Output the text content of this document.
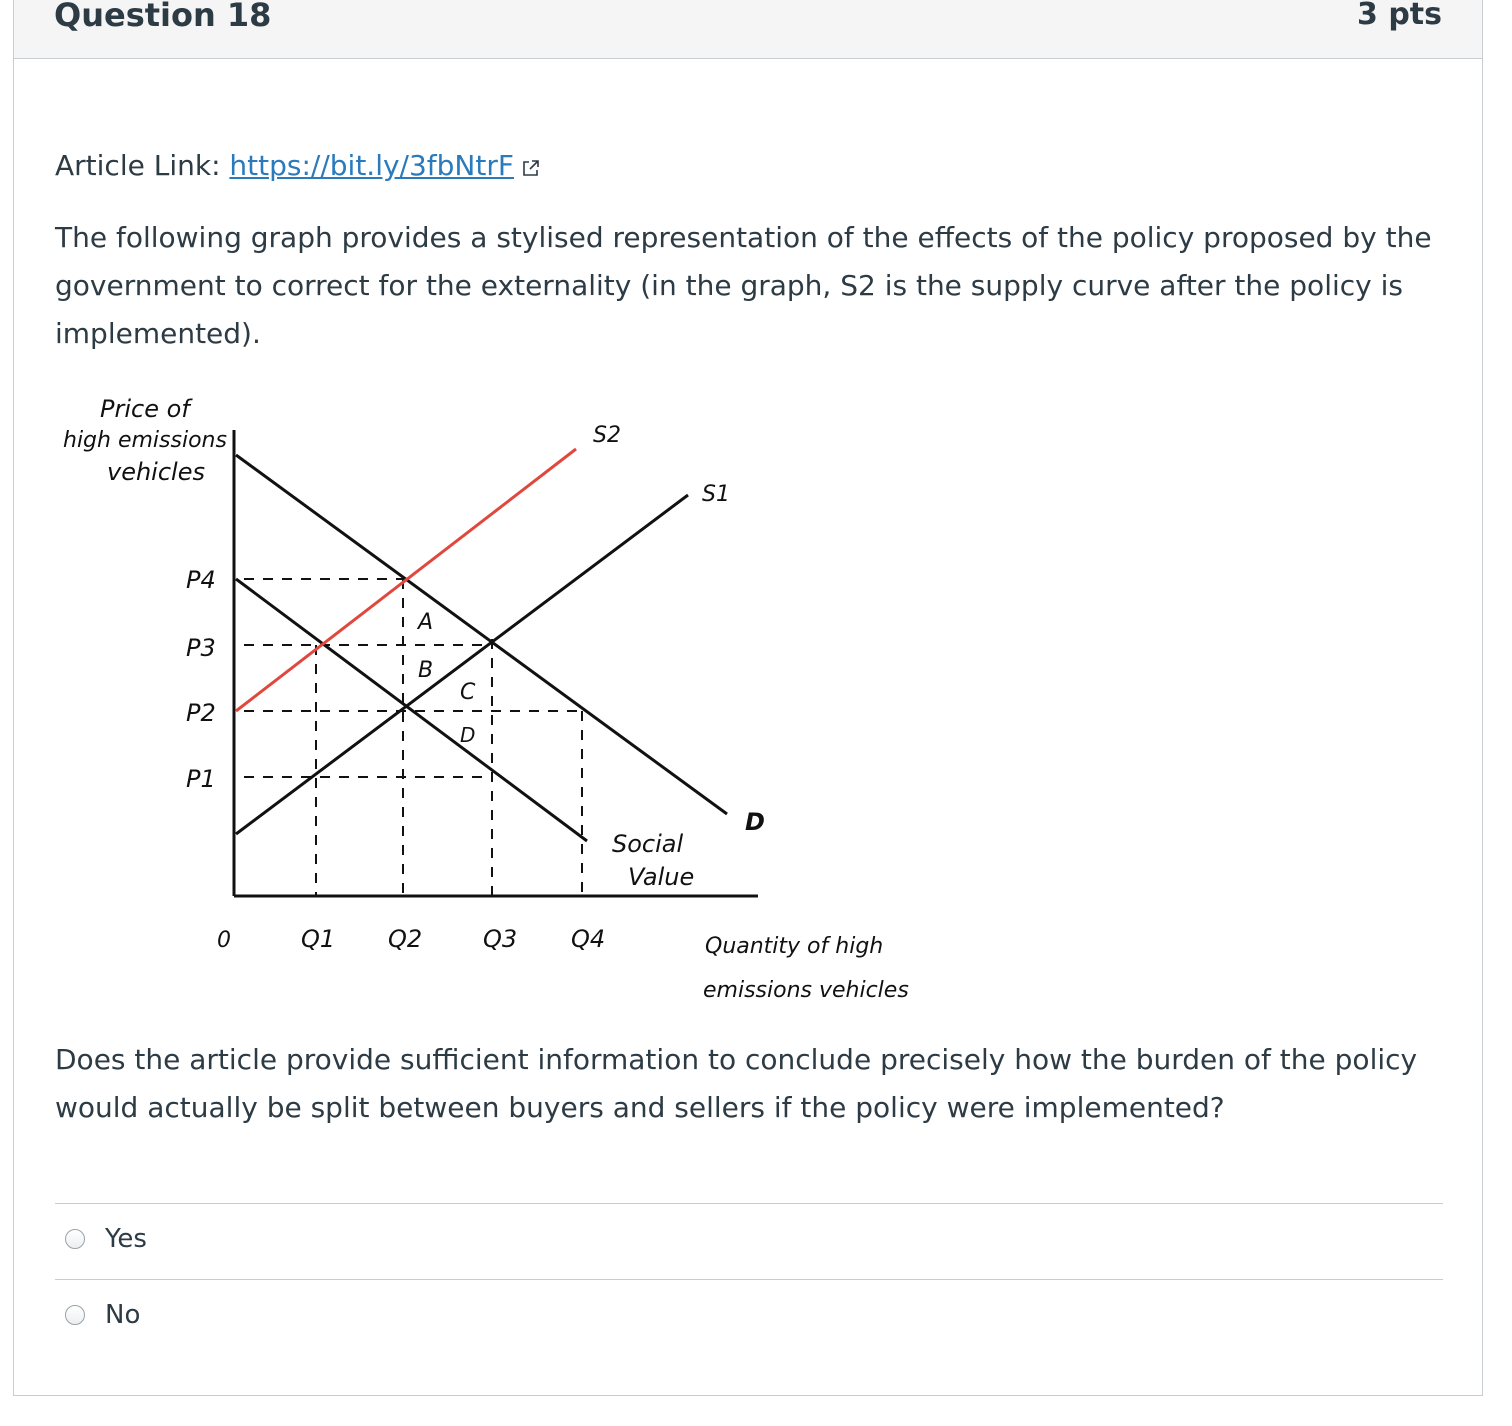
Question 18	3 pts
Article Link: https://bit.ly/3fbNtrF
The following graph provides a stylised representation of the effects of the policy proposed by the government to correct for the externality (in the graph, S2 is the supply curve after the policy is implemented).
Price of
high emissions
vehicles
P4
P3
P2
P1
0	Q1 Q2	Q3 Q4	Quantity of high
emissions vehicles
S2
S1
D
Social
Value
A
B
C
D
Does the article provide sufficient information to conclude precisely how the burden of the policy would actually be split between buyers and sellers if the policy were implemented?
Yes
No
